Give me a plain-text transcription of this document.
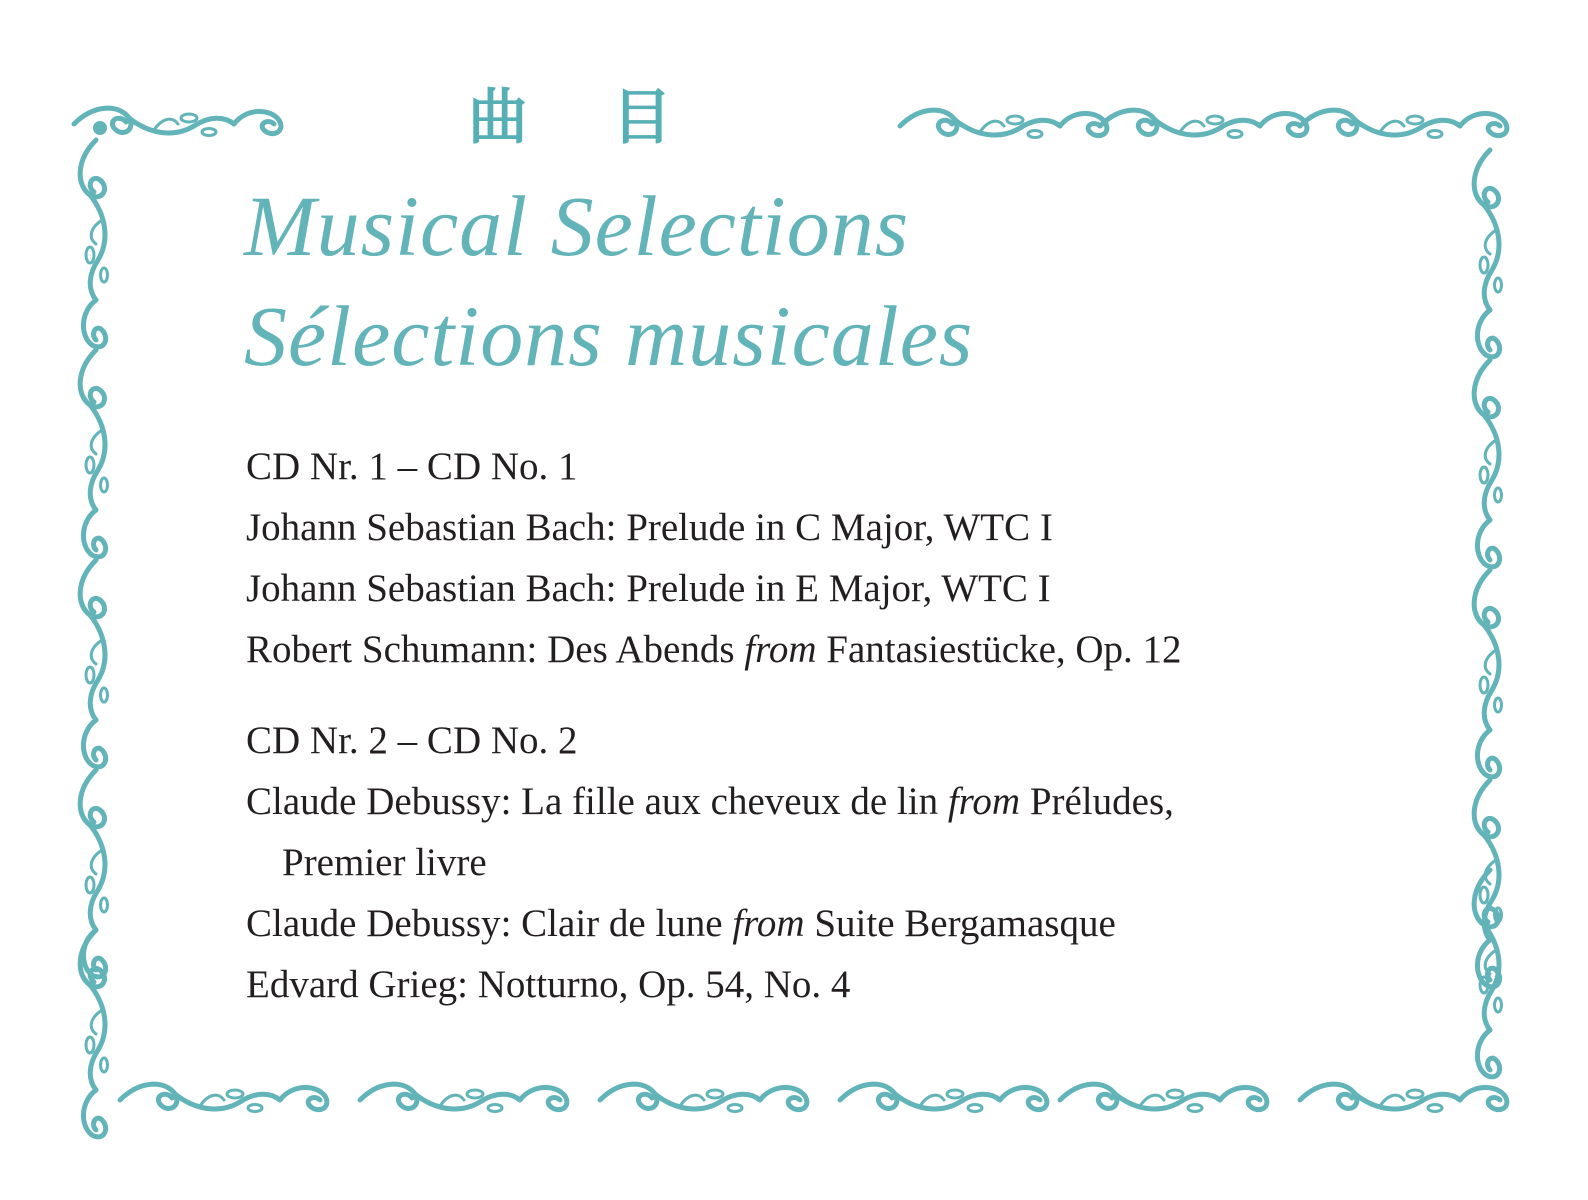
曲目
Musical Selections
Sélections musicales
CD Nr. 1 – CD No. 1
Johann Sebastian Bach: Prelude in C Major, WTC I
Johann Sebastian Bach: Prelude in E Major, WTC I
Robert Schumann: Des Abends from Fantasiestücke, Op. 12
CD Nr. 2 – CD No. 2
Claude Debussy: La fille aux cheveux de lin from Préludes,
Premier livre
Claude Debussy: Clair de lune from Suite Bergamasque
Edvard Grieg: Notturno, Op. 54, No. 4
